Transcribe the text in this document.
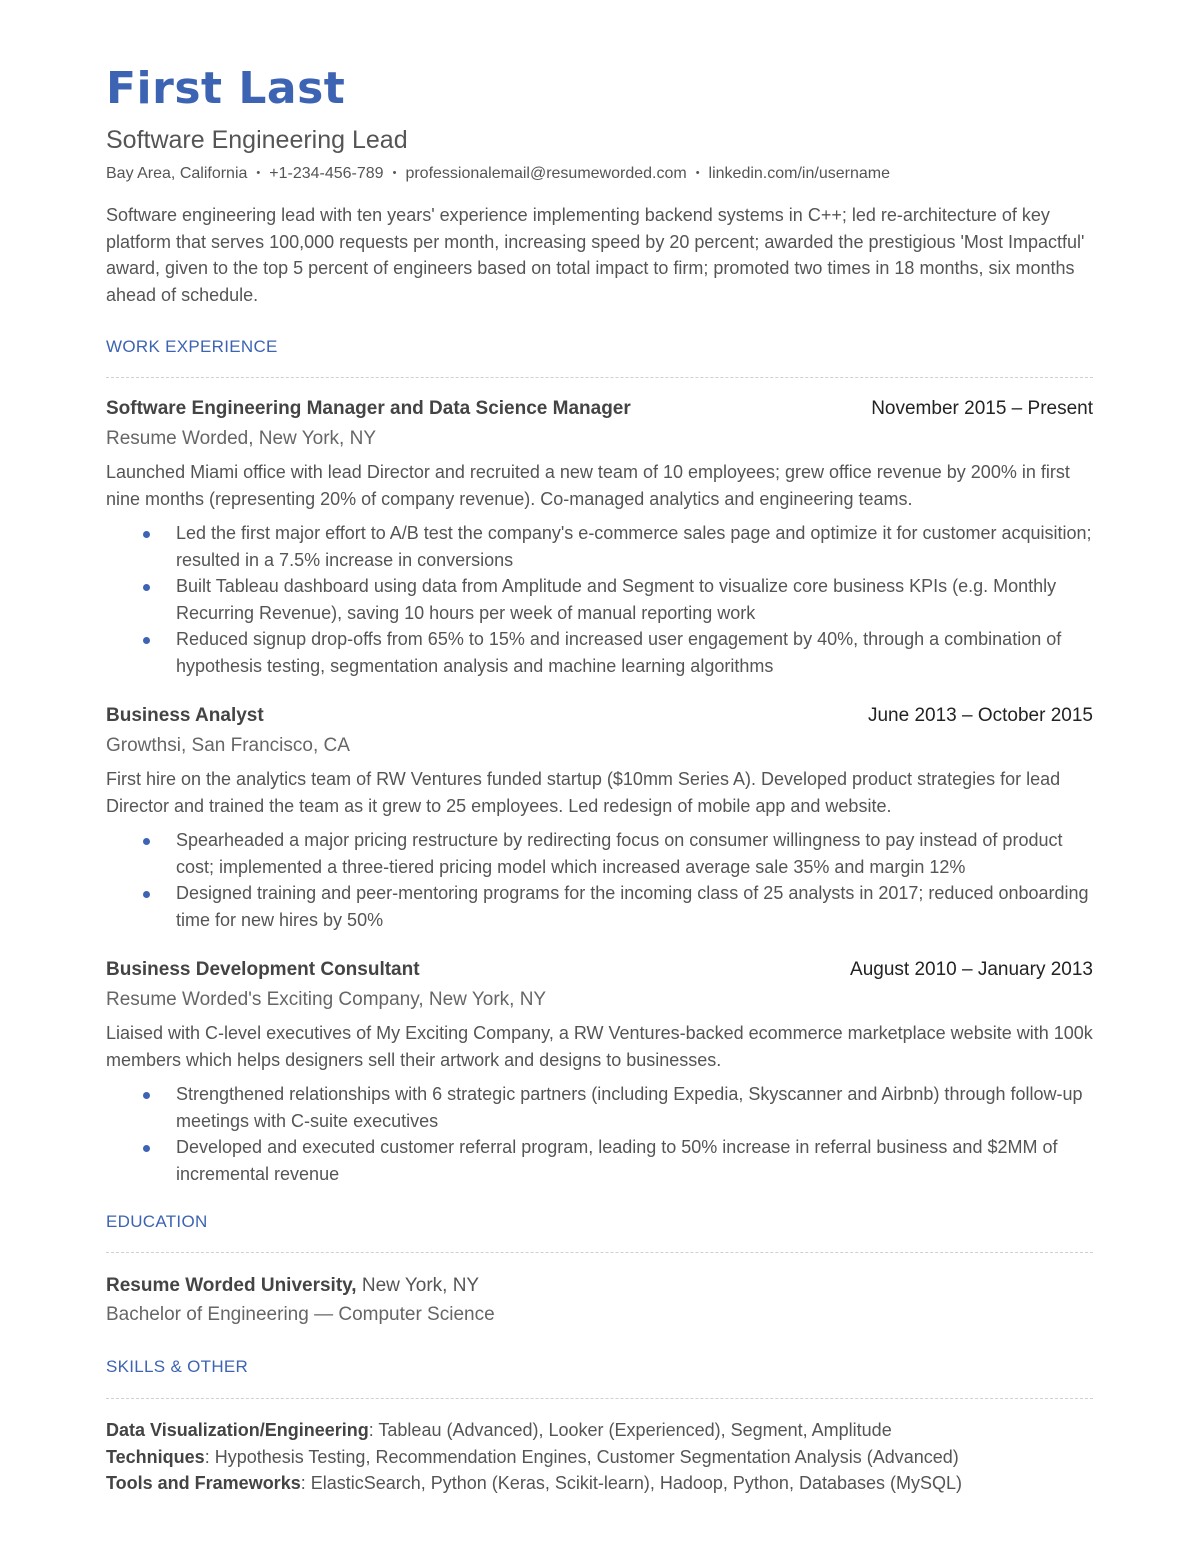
First Last
Software Engineering Lead
Bay Area, California • +1-234-456-789 • professionalemail@resumeworded.com • linkedin.com/in/username
Software engineering lead with ten years' experience implementing backend systems in C++; led re-architecture of key platform that serves 100,000 requests per month, increasing speed by 20 percent; awarded the prestigious 'Most Impactful' award, given to the top 5 percent of engineers based on total impact to firm; promoted two times in 18 months, six months ahead of schedule.
WORK EXPERIENCE
Software Engineering Manager and Data Science Manager	November 2015 – Present
Resume Worded, New York, NY
Launched Miami office with lead Director and recruited a new team of 10 employees; grew office revenue by 200% in first nine months (representing 20% of company revenue). Co-managed analytics and engineering teams.
Led the first major effort to A/B test the company's e-commerce sales page and optimize it for customer acquisition; resulted in a 7.5% increase in conversions
Built Tableau dashboard using data from Amplitude and Segment to visualize core business KPIs (e.g. Monthly Recurring Revenue), saving 10 hours per week of manual reporting work
Reduced signup drop-offs from 65% to 15% and increased user engagement by 40%, through a combination of hypothesis testing, segmentation analysis and machine learning algorithms
Business Analyst	June 2013 – October 2015
Growthsi, San Francisco, CA
First hire on the analytics team of RW Ventures funded startup ($10mm Series A). Developed product strategies for lead Director and trained the team as it grew to 25 employees. Led redesign of mobile app and website.
Spearheaded a major pricing restructure by redirecting focus on consumer willingness to pay instead of product cost; implemented a three-tiered pricing model which increased average sale 35% and margin 12%
Designed training and peer-mentoring programs for the incoming class of 25 analysts in 2017; reduced onboarding time for new hires by 50%
Business Development Consultant	August 2010 – January 2013
Resume Worded's Exciting Company, New York, NY
Liaised with C-level executives of My Exciting Company, a RW Ventures-backed ecommerce marketplace website with 100k members which helps designers sell their artwork and designs to businesses.
Strengthened relationships with 6 strategic partners (including Expedia, Skyscanner and Airbnb) through follow-up meetings with C-suite executives
Developed and executed customer referral program, leading to 50% increase in referral business and $2MM of incremental revenue
EDUCATION
Resume Worded University, New York, NY
Bachelor of Engineering — Computer Science
SKILLS & OTHER
Data Visualization/Engineering: Tableau (Advanced), Looker (Experienced), Segment, Amplitude
Techniques: Hypothesis Testing, Recommendation Engines, Customer Segmentation Analysis (Advanced)
Tools and Frameworks: ElasticSearch, Python (Keras, Scikit-learn), Hadoop, Python, Databases (MySQL)
